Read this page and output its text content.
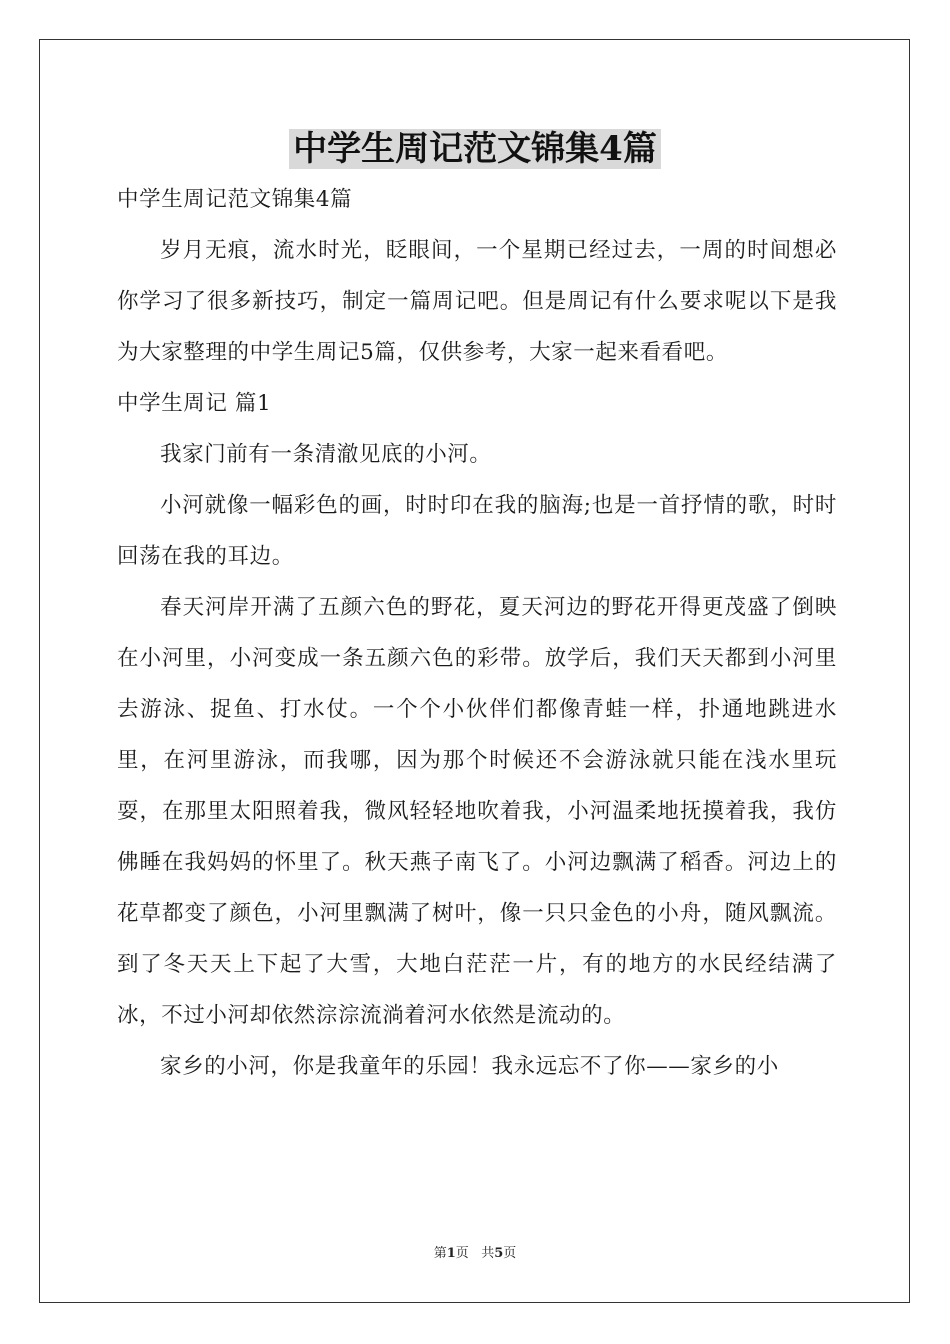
中学生周记范文锦集4篇

中学生周记范文锦集4篇

岁月无痕，流水时光，眨眼间，一个星期已经过去，一周的时间想必你学习了很多新技巧，制定一篇周记吧。但是周记有什么要求呢以下是我为大家整理的中学生周记5篇，仅供参考，大家一起来看看吧。

中学生周记 篇1

我家门前有一条清澈见底的小河。

小河就像一幅彩色的画，时时印在我的脑海;也是一首抒情的歌，时时回荡在我的耳边。

春天河岸开满了五颜六色的野花，夏天河边的野花开得更茂盛了倒映在小河里，小河变成一条五颜六色的彩带。放学后，我们天天都到小河里去游泳、捉鱼、打水仗。一个个小伙伴们都像青蛙一样，扑通地跳进水里，在河里游泳，而我哪，因为那个时候还不会游泳就只能在浅水里玩耍，在那里太阳照着我，微风轻轻地吹着我，小河温柔地抚摸着我，我仿佛睡在我妈妈的怀里了。秋天燕子南飞了。小河边飘满了稻香。河边上的花草都变了颜色，小河里飘满了树叶，像一只只金色的小舟，随风飘流。到了冬天天上下起了大雪，大地白茫茫一片，有的地方的水民经结满了冰，不过小河却依然淙淙流淌着河水依然是流动的。

家乡的小河，你是我童年的乐园！我永远忘不了你——家乡的小

第1页 共5页
